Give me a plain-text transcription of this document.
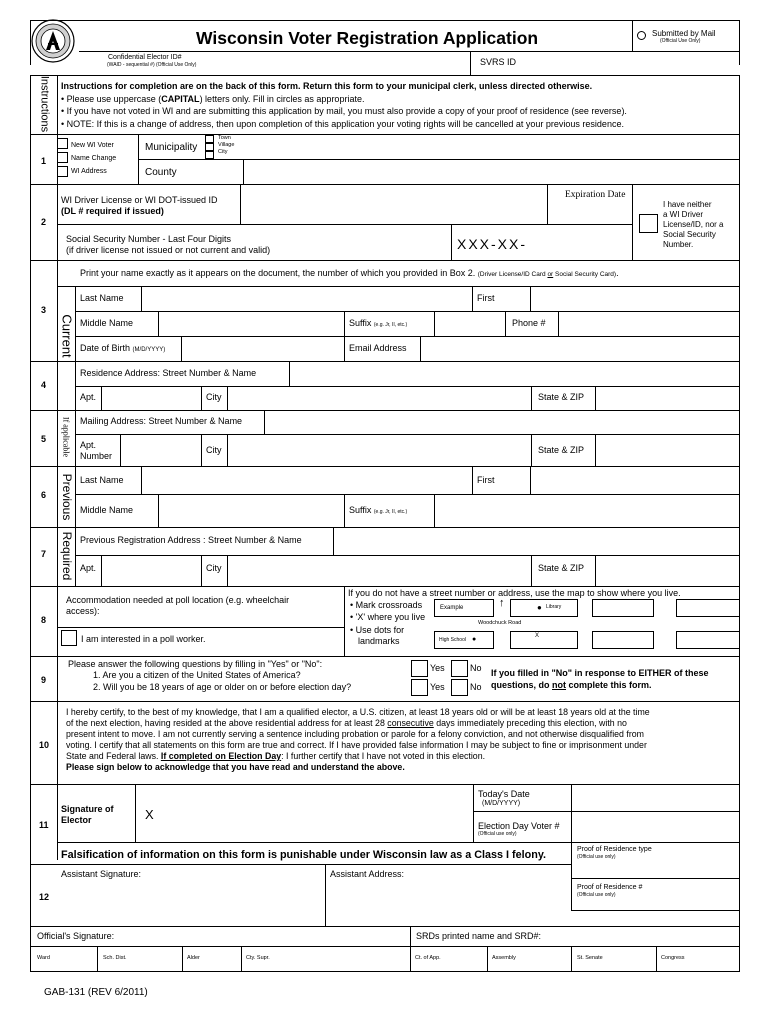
Wisconsin Voter Registration Application	Submitted by Mail
(Official Use Only)
Confidential Elector ID#
(WAID - sequential #) (Official Use Only)	SVRS ID
Instructions Instructions for completion are on the back of this form. Return this form to your municipal clerk, unless directed otherwise.
• Please use uppercase (CAPITAL) letters only. Fill in circles as appropriate.
• If you have not voted in WI and are submitting this application by mail, you must also provide a copy of your proof of residence (see reverse).
• NOTE: If this is a change of address, then upon completion of this application your voting rights will be cancelled at your previous residence.
1
New WI Voter
Name Change
WI Address
Municipality
Town
Village
City
County
2
WI Driver License or WI DOT-issued ID
(DL # required if issued)
Expiration Date
I have neither
a WI Driver
License/ID, nor a
Social Security
Number.
Social Security Number - Last Four Digits
(if driver license not issued or not current and valid)	XXX-XX-
3
Print your name exactly as it appears on the document, the number of which you provided in Box 2. (Driver License/ID Card or Social Security Card).
Current
Last Name	First
Middle Name	Suffix (e.g. Jr, II, etc.)	Phone #
Date of Birth (M/D/YYYY)	Email Address
4
Residence Address: Street Number & Name
Apt.	City	State & ZIP
5 If applicable Mailing Address: Street Number & Name
Apt.
Number
City	State & ZIP
6 Previous Last Name	First
Middle Name	Suffix (e.g. Jr, II, etc.)
7 Required Previous Registration Address : Street Number & Name
Apt.	City	State & ZIP
8
Accommodation needed at poll location (e.g. wheelchair
access):
I am interested in a poll worker.
If you do not have a street number or address, use the map to show where you live.
• Mark crossroads
• 'X' where you live
• Use dots for
landmarks
↑
Example	● Library
Woodchuck Road
High School ●	X
9
Please answer the following questions by filling in "Yes" or "No":
1. Are you a citizen of the United States of America?
2. Will you be 18 years of age or older on or before election day?
Yes	No
Yes	No
If you filled in "No" in response to EITHER of these
questions, do not complete this form.
10
I hereby certify, to the best of my knowledge, that I am a qualified elector, a U.S. citizen, at least 18 years old or will be at least 18 years old at the time
of the next election, having resided at the above residential address for at least 28 consecutive days immediately preceding this election, with no
present intent to move. I am not currently serving a sentence including probation or parole for a felony conviction, and not otherwise disqualified from
voting. I certify that all statements on this form are true and correct. If I have provided false information I may be subject to fine or imprisonment under
State and Federal laws. If completed on Election Day: I further certify that I have not voted in this election.
Please sign below to acknowledge that you have read and understand the above.
11
Signature of
Elector	X
Today's Date
(M/D/YYYY)
Election Day Voter #
(Official use only)
Falsification of information on this form is punishable under Wisconsin law as a Class I felony.	Proof of Residence type
(Official use only)
12
Assistant Signature:	Assistant Address:
Proof of Residence #
(Official use only)
Official's Signature:	SRDs printed name and SRD#:
Ward	Sch. Dist.	Alder	Cty. Supr.	Ct. of App.	Assembly	St. Senate	Congress
GAB-131 (REV 6/2011)
